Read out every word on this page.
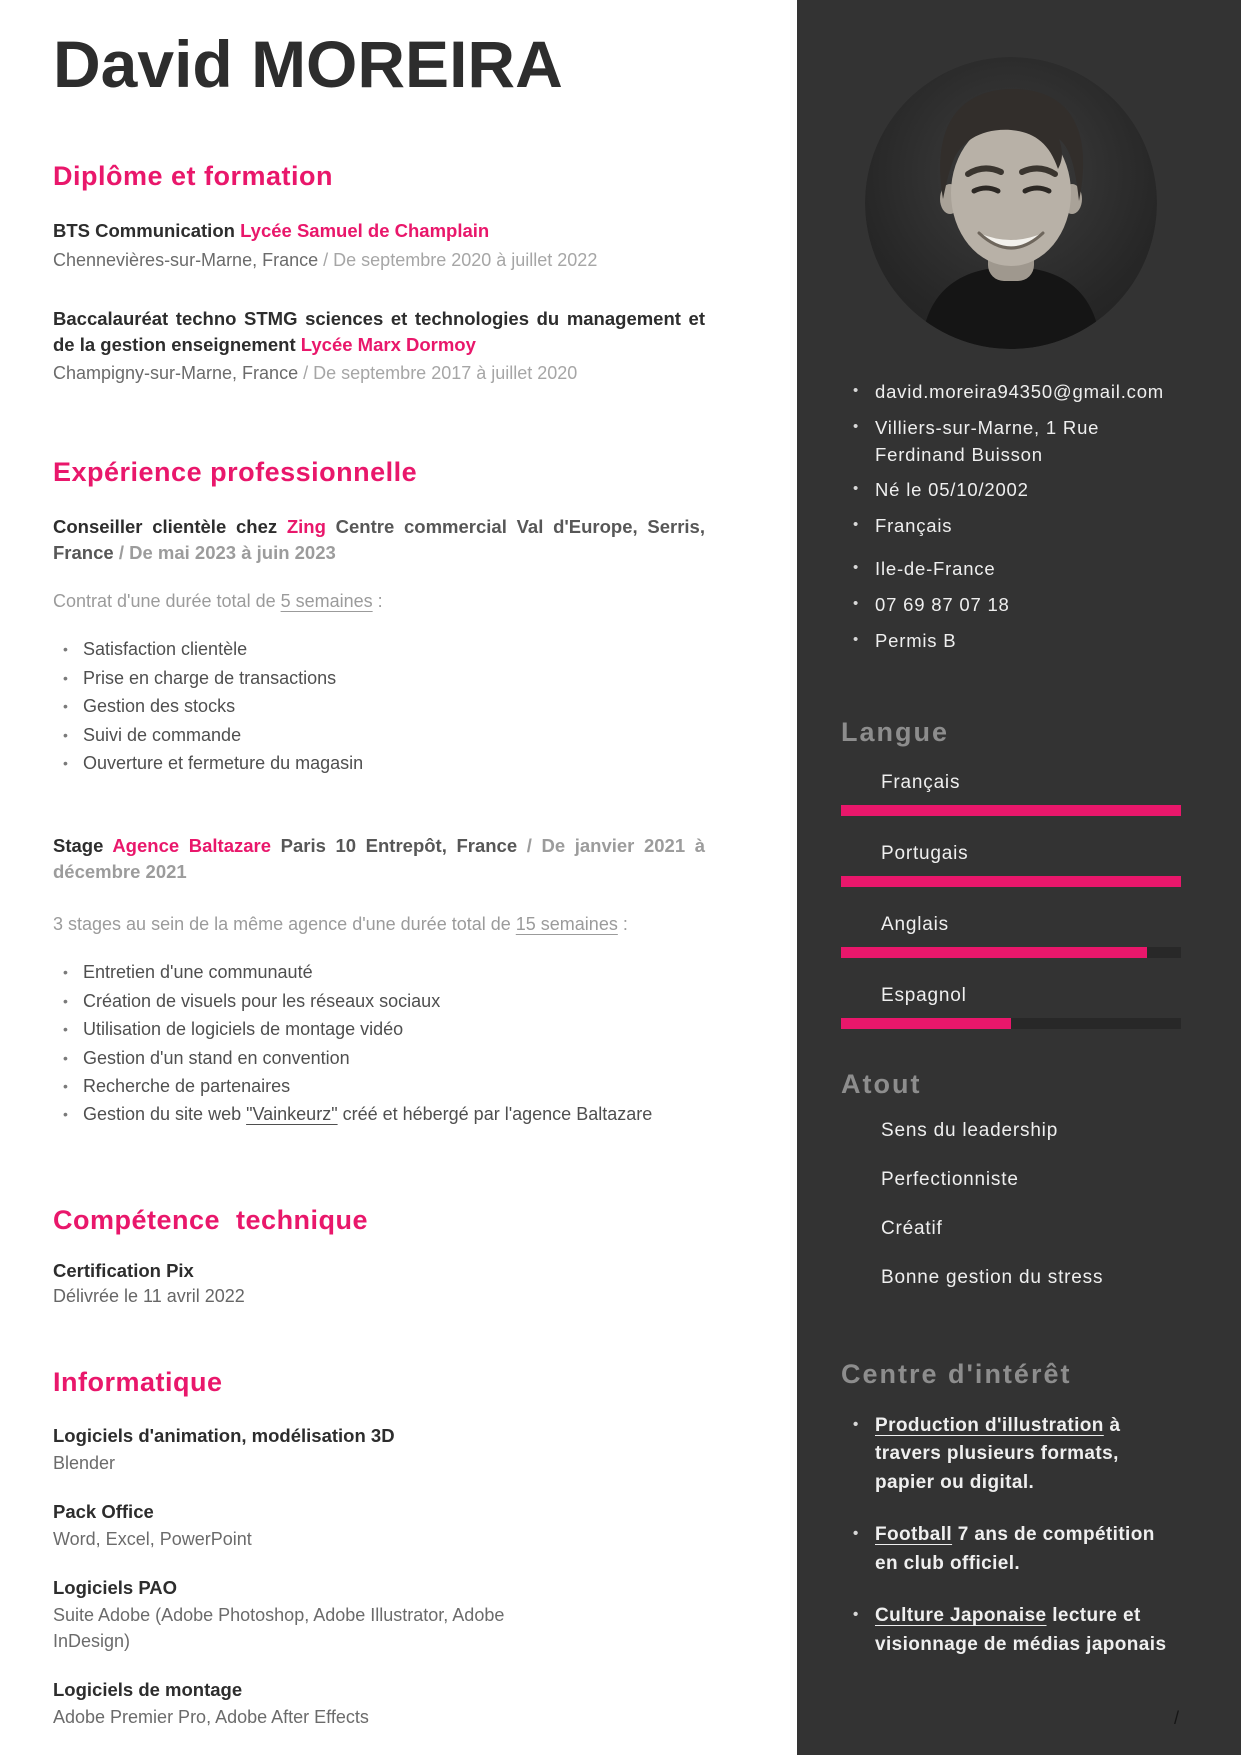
David MOREIRA
Diplôme et formation

BTS Communication Lycée Samuel de Champlain

Chennevières-sur-Marne, France / De septembre 2020 à juillet 2022

Baccalauréat techno STMG sciences et technologies du management et de la gestion enseignement Lycée Marx Dormoy

Champigny-sur-Marne, France / De septembre 2017 à juillet 2020

Expérience professionnelle

Conseiller clientèle chez Zing Centre commercial Val d'Europe, Serris, France / De mai 2023 à juin 2023

Contrat d'une durée total de 5 semaines :

• Satisfaction clientèle
• Prise en charge de transactions
• Gestion des stocks
• Suivi de commande
• Ouverture et fermeture du magasin

Stage Agence Baltazare Paris 10 Entrepôt, France / De janvier 2021 à décembre 2021

3 stages au sein de la même agence d'une durée total de 15 semaines :

• Entretien d'une communauté
• Création de visuels pour les réseaux sociaux
• Utilisation de logiciels de montage vidéo
• Gestion d'un stand en convention
• Recherche de partenaires
• Gestion du site web "Vainkeurz" créé et hébergé par l'agence Baltazare
Compétence  technique

Certification Pix

Délivrée le 11 avril 2022

Informatique

Logiciels d'animation, modélisation 3D

Blender

Pack Office

Word, Excel, PowerPoint

Logiciels PAO

Suite Adobe (Adobe Photoshop, Adobe Illustrator, Adobe InDesign)

Logiciels de montage

Adobe Premier Pro, Adobe After Effects

• david.moreira94350@gmail.com
• Villiers-sur-Marne, 1 Rue Ferdinand Buisson
• Né le 05/10/2002
• Français
• Ile-de-France
• 07 69 87 07 18
• Permis B
Langue
Français
Portugais
Anglais
Espagnol
Atout

Sens du leadership

Perfectionniste

Créatif

Bonne gestion du stress

Centre d'intérêt
• Production d'illustration à travers plusieurs formats, papier ou digital.
• Football 7 ans de compétition en club officiel.
• Culture Japonaise lecture et visionnage de médias japonais
/
